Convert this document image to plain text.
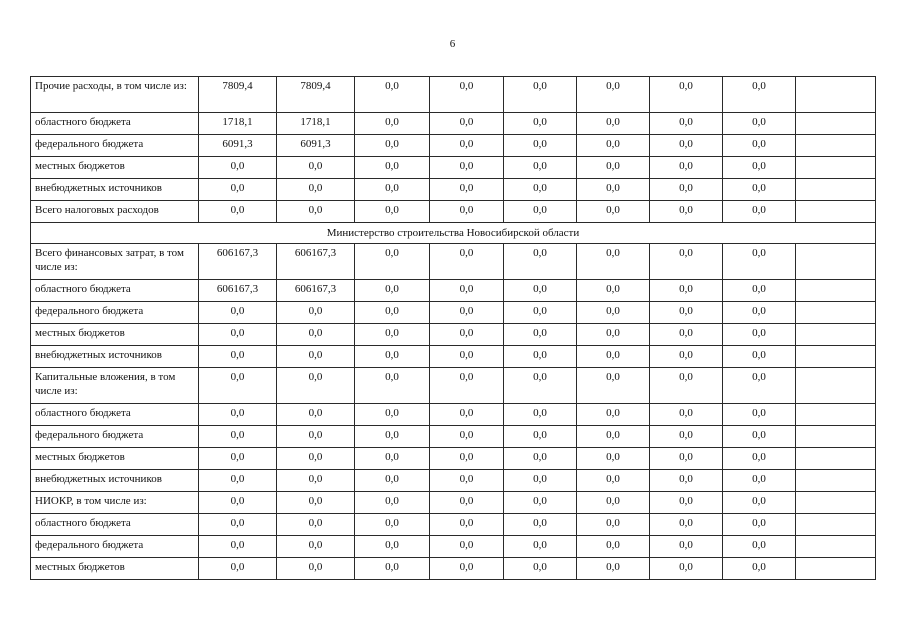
6
Прочие расходы, в том числе из:	7809,4	7809,4	0,0	0,0	0,0	0,0	0,0	0,0	
областного бюджета	1718,1	1718,1	0,0	0,0	0,0	0,0	0,0	0,0	
федерального бюджета	6091,3	6091,3	0,0	0,0	0,0	0,0	0,0	0,0	
местных бюджетов	0,0	0,0	0,0	0,0	0,0	0,0	0,0	0,0	
внебюджетных источников	0,0	0,0	0,0	0,0	0,0	0,0	0,0	0,0	
Всего налоговых расходов	0,0	0,0	0,0	0,0	0,0	0,0	0,0	0,0	
Министерство строительства Новосибирской области									
Всего финансовых затрат, в том числе из:	606167,3	606167,3	0,0	0,0	0,0	0,0	0,0	0,0	
областного бюджета	606167,3	606167,3	0,0	0,0	0,0	0,0	0,0	0,0	
федерального бюджета	0,0	0,0	0,0	0,0	0,0	0,0	0,0	0,0	
местных бюджетов	0,0	0,0	0,0	0,0	0,0	0,0	0,0	0,0	
внебюджетных источников	0,0	0,0	0,0	0,0	0,0	0,0	0,0	0,0	
Капитальные вложения, в том числе из:	0,0	0,0	0,0	0,0	0,0	0,0	0,0	0,0	
областного бюджета	0,0	0,0	0,0	0,0	0,0	0,0	0,0	0,0	
федерального бюджета	0,0	0,0	0,0	0,0	0,0	0,0	0,0	0,0	
местных бюджетов	0,0	0,0	0,0	0,0	0,0	0,0	0,0	0,0	
внебюджетных источников	0,0	0,0	0,0	0,0	0,0	0,0	0,0	0,0	
НИОКР, в том числе из:	0,0	0,0	0,0	0,0	0,0	0,0	0,0	0,0	
областного бюджета	0,0	0,0	0,0	0,0	0,0	0,0	0,0	0,0	
федерального бюджета	0,0	0,0	0,0	0,0	0,0	0,0	0,0	0,0	
местных бюджетов	0,0	0,0	0,0	0,0	0,0	0,0	0,0	0,0	
